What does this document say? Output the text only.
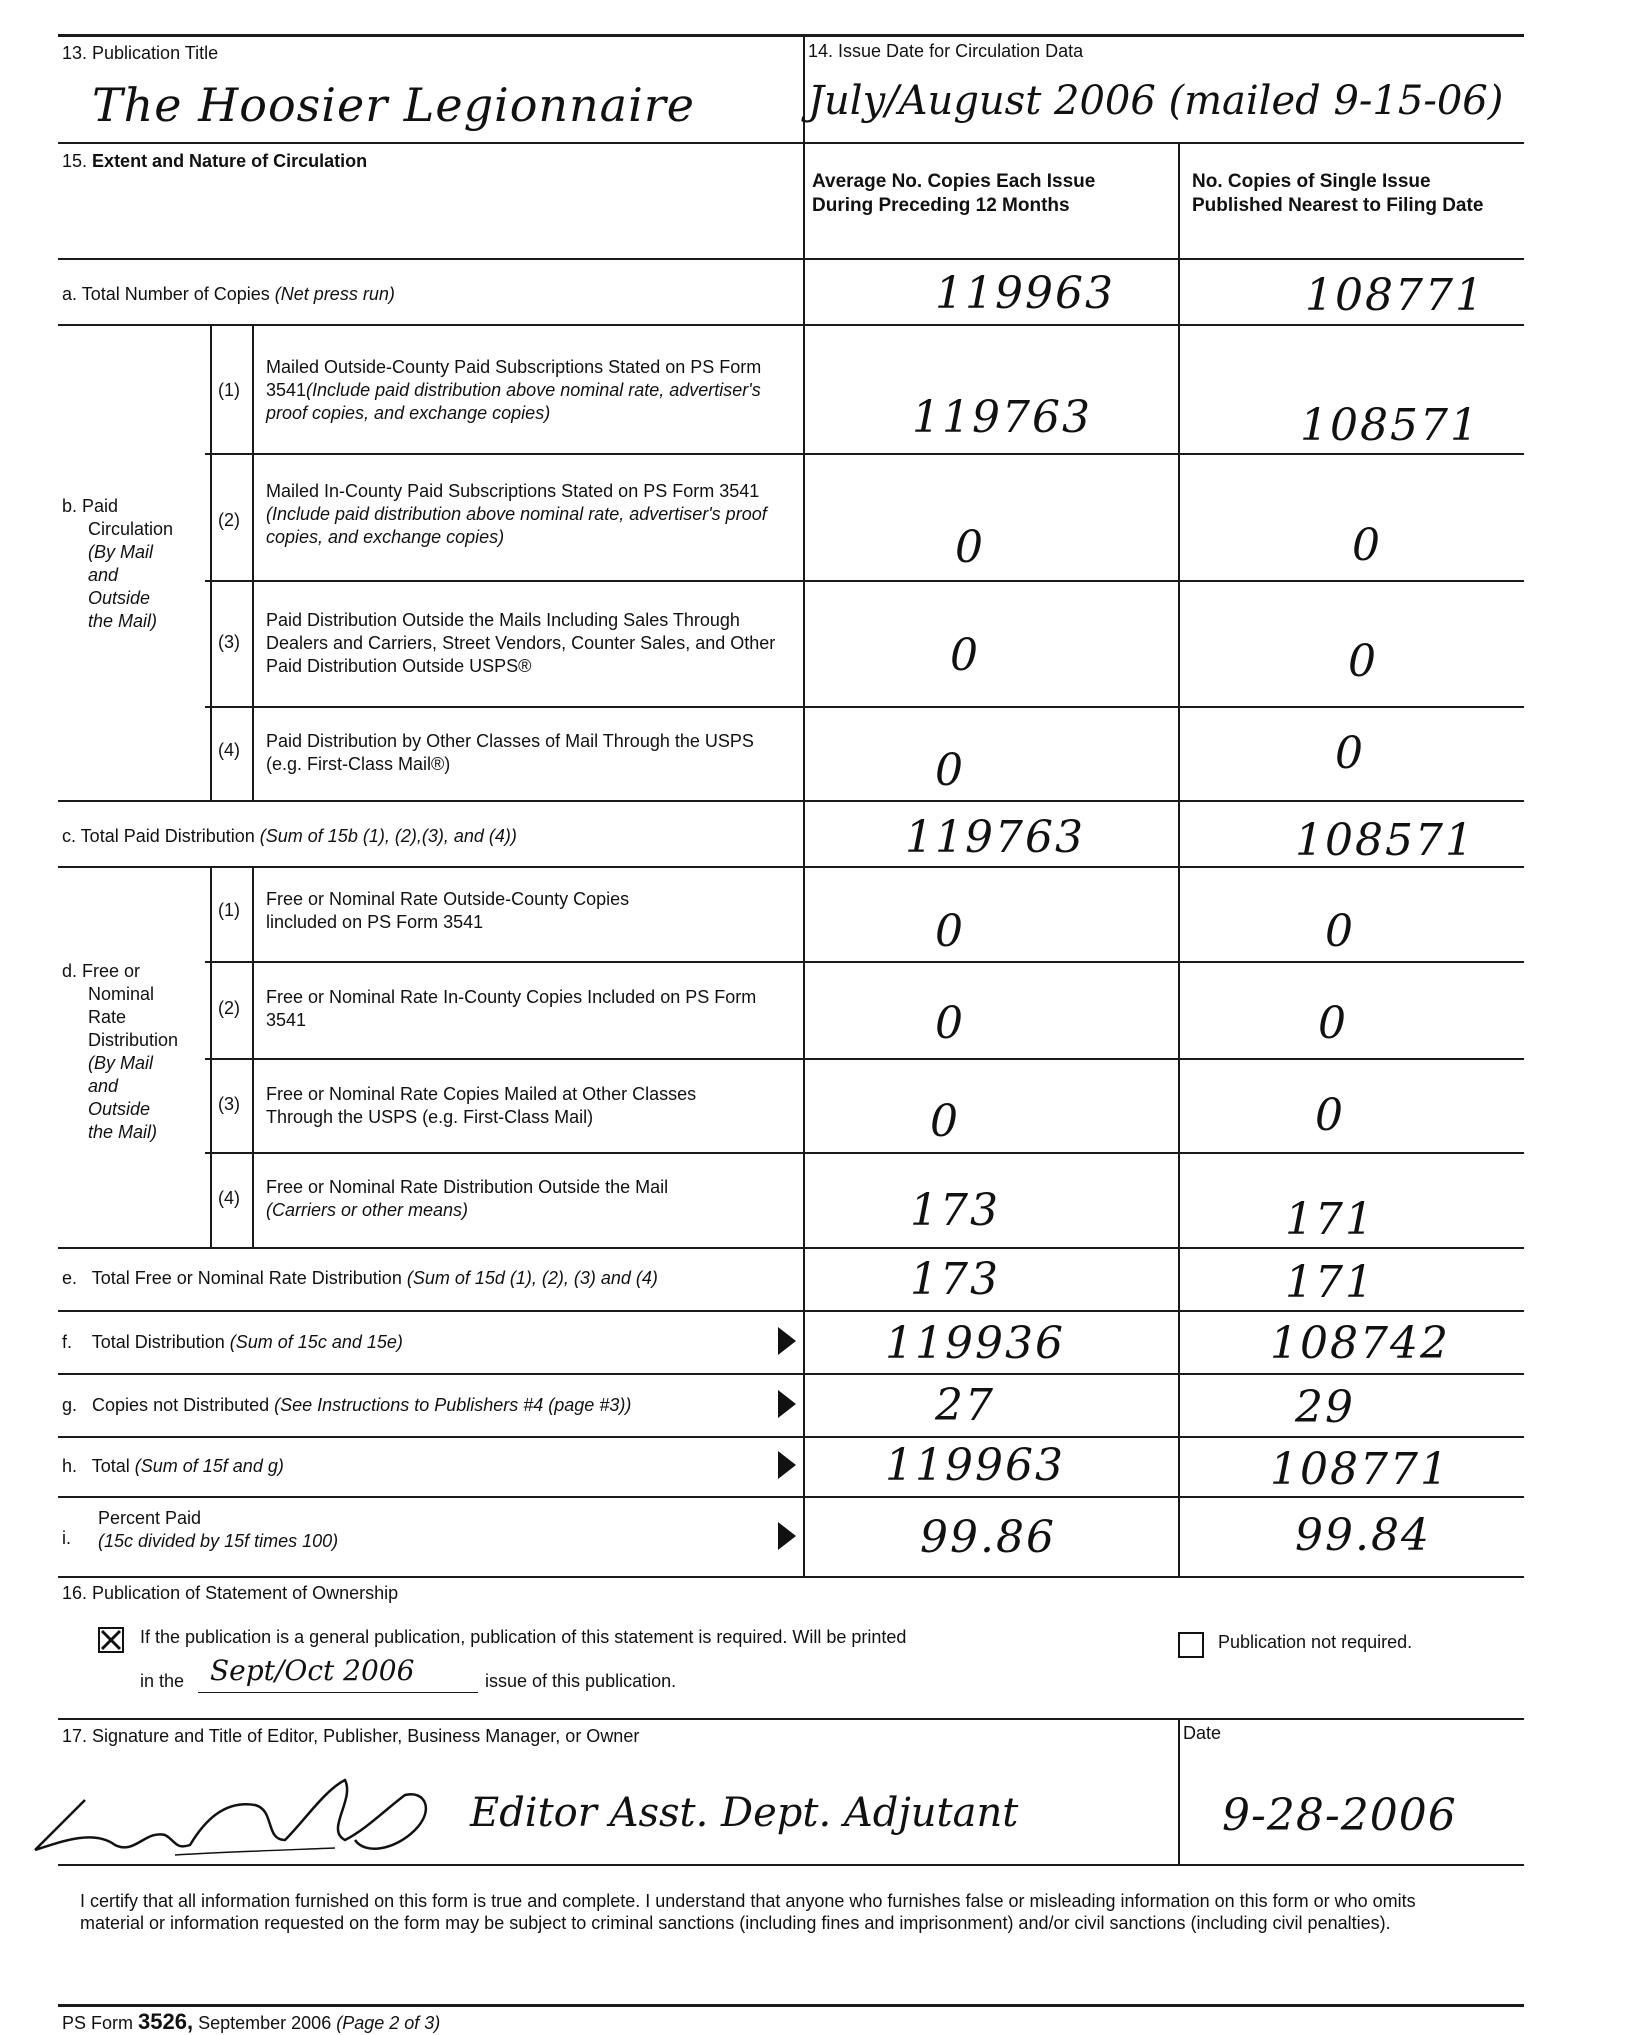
13. Publication Title
The Hoosier Legionnaire
14. Issue Date for Circulation Data
July/August 2006 (mailed 9-15-06)
15. Extent and Nature of Circulation
Average No. Copies Each Issue During Preceding 12 Months
No. Copies of Single Issue Published Nearest to Filing Date
a. Total Number of Copies (Net press run)	119963	108771
b. Paid
Circulation
(By Mail
and
Outside
the Mail)
(1)
Mailed Outside-County Paid Subscriptions Stated on PS Form 3541(Include paid distribution above nominal rate, advertiser's proof copies, and exchange copies)	119763	108571
(2)
Mailed In-County Paid Subscriptions Stated on PS Form 3541 (Include paid distribution above nominal rate, advertiser's proof copies, and exchange copies)	0	0
(3)
Paid Distribution Outside the Mails Including Sales Through Dealers and Carriers, Street Vendors, Counter Sales, and Other Paid Distribution Outside USPS®	0	0
(4) Paid Distribution by Other Classes of Mail Through the USPS (e.g. First-Class Mail®)	0	0
c. Total Paid Distribution (Sum of 15b (1), (2),(3), and (4))	119763	108571
d. Free or
Nominal
Rate
Distribution
(By Mail
and
Outside
the Mail)
(1)
Free or Nominal Rate Outside-County Copies lincluded on PS Form 3541	0	0
(2)
Free or Nominal Rate In-County Copies Included on PS Form 3541	0	0
(3) Free or Nominal Rate Copies Mailed at Other Classes Through the USPS (e.g. First-Class Mail)	0	0
(4)
Free or Nominal Rate Distribution Outside the Mail
(Carriers or other means)	173	171
e. Total Free or Nominal Rate Distribution (Sum of 15d (1), (2), (3) and (4)	173	171
f. Total Distribution (Sum of 15c and 15e)	119936	108742
g. Copies not Distributed (See Instructions to Publishers #4 (page #3))	27	29
h. Total (Sum of 15f and g)	119963	108771
i.
Percent Paid
(15c divided by 15f times 100)	99.86	99.84
16. Publication of Statement of Ownership
If the publication is a general publication, publication of this statement is required. Will be printed
in the Sept/Oct 2006	issue of this publication.
Publication not required.
17. Signature and Title of Editor, Publisher, Business Manager, or Owner	Date
Editor Asst. Dept. Adjutant	9-28-2006
I certify that all information furnished on this form is true and complete. I understand that anyone who furnishes false or misleading information on this form or who omits material or information requested on the form may be subject to criminal sanctions (including fines and imprisonment) and/or civil sanctions (including civil penalties).
PS Form 3526, September 2006 (Page 2 of 3)
